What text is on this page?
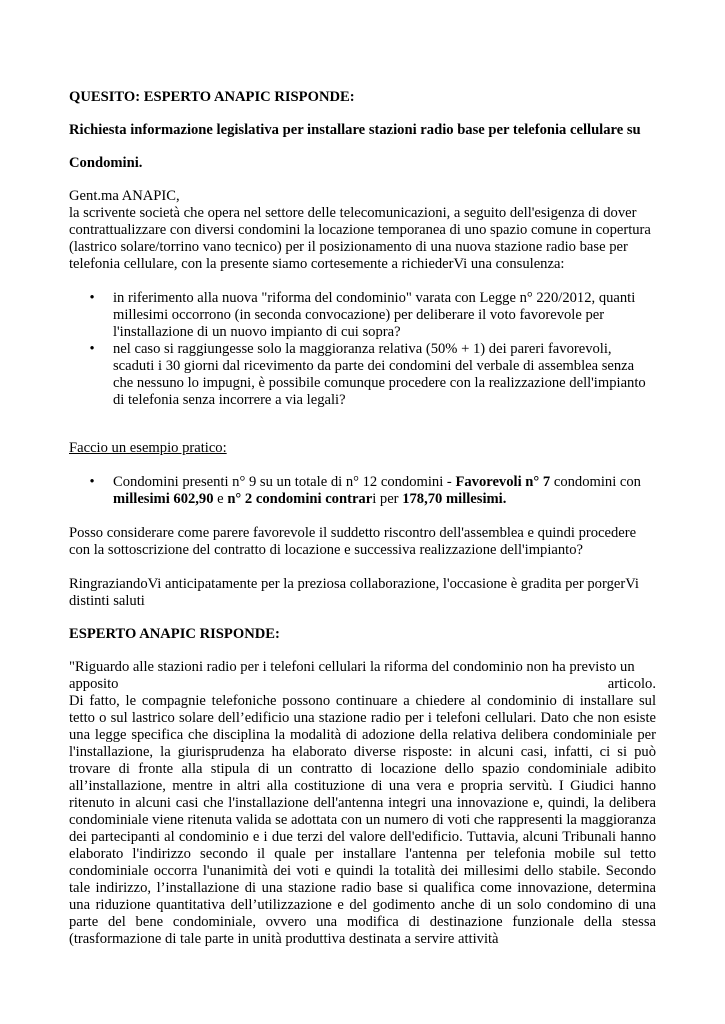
QUESITO: ESPERTO ANAPIC RISPONDE:

Richiesta informazione legislativa per installare stazioni radio base per telefonia cellulare su

Condomini.

Gent.ma ANAPIC,

la scrivente società che opera nel settore delle telecomunicazioni, a seguito dell'esigenza di dover contrattualizzare con diversi condomini la locazione temporanea di uno spazio comune in copertura (lastrico solare/torrino vano tecnico) per il posizionamento di una nuova stazione radio base per telefonia cellulare, con la presente siamo cortesemente a richiederVi una consulenza:

• in riferimento alla nuova "riforma del condominio" varata con Legge n° 220/2012, quanti millesimi occorrono (in seconda convocazione) per deliberare il voto favorevole per l'installazione di un nuovo impianto di cui sopra?
• nel caso si raggiungesse solo la maggioranza relativa (50% + 1) dei pareri favorevoli, scaduti i 30 giorni dal ricevimento da parte dei condomini del verbale di assemblea senza che nessuno lo impugni, è possibile comunque procedere con la realizzazione dell'impianto di telefonia senza incorrere a via legali?

Faccio un esempio pratico:

• Condomini presenti n° 9 su un totale di n° 12 condomini - Favorevoli n° 7 condomini con millesimi 602,90 e n° 2 condomini contrari per 178,70 millesimi.

Posso considerare come parere favorevole il suddetto riscontro dell'assemblea e quindi procedere con la sottoscrizione del contratto di locazione e successiva realizzazione dell'impianto?

RingraziandoVi anticipatamente per la preziosa collaborazione, l'occasione è gradita per porgerVi distinti saluti

ESPERTO ANAPIC RISPONDE:

"Riguardo alle stazioni radio per i telefoni cellulari la riforma del condominio non ha previsto un

apposito	articolo.

Di fatto, le compagnie telefoniche possono continuare a chiedere al condominio di installare sul tetto o sul lastrico solare dell’edificio una stazione radio per i telefoni cellulari. Dato che non esiste una legge specifica che disciplina la modalità di adozione della relativa delibera condominiale per l'installazione, la giurisprudenza ha elaborato diverse risposte: in alcuni casi, infatti, ci si può trovare di fronte alla stipula di un contratto di locazione dello spazio condominiale adibito all’installazione, mentre in altri alla costituzione di una vera e propria servitù. I Giudici hanno ritenuto in alcuni casi che l'installazione dell'antenna integri una innovazione e, quindi, la delibera condominiale viene ritenuta valida se adottata con un numero di voti che rappresenti la maggioranza dei partecipanti al condominio e i due terzi del valore dell'edificio. Tuttavia, alcuni Tribunali hanno elaborato l'indirizzo secondo il quale per installare l'antenna per telefonia mobile sul tetto condominiale occorra l'unanimità dei voti e quindi la totalità dei millesimi dello stabile. Secondo tale indirizzo, l’installazione di una stazione radio base si qualifica come innovazione, determina una riduzione quantitativa dell’utilizzazione e del godimento anche di un solo condomino di una parte del bene condominiale, ovvero una modifica di destinazione funzionale della stessa (trasformazione di tale parte in unità produttiva destinata a servire attività
